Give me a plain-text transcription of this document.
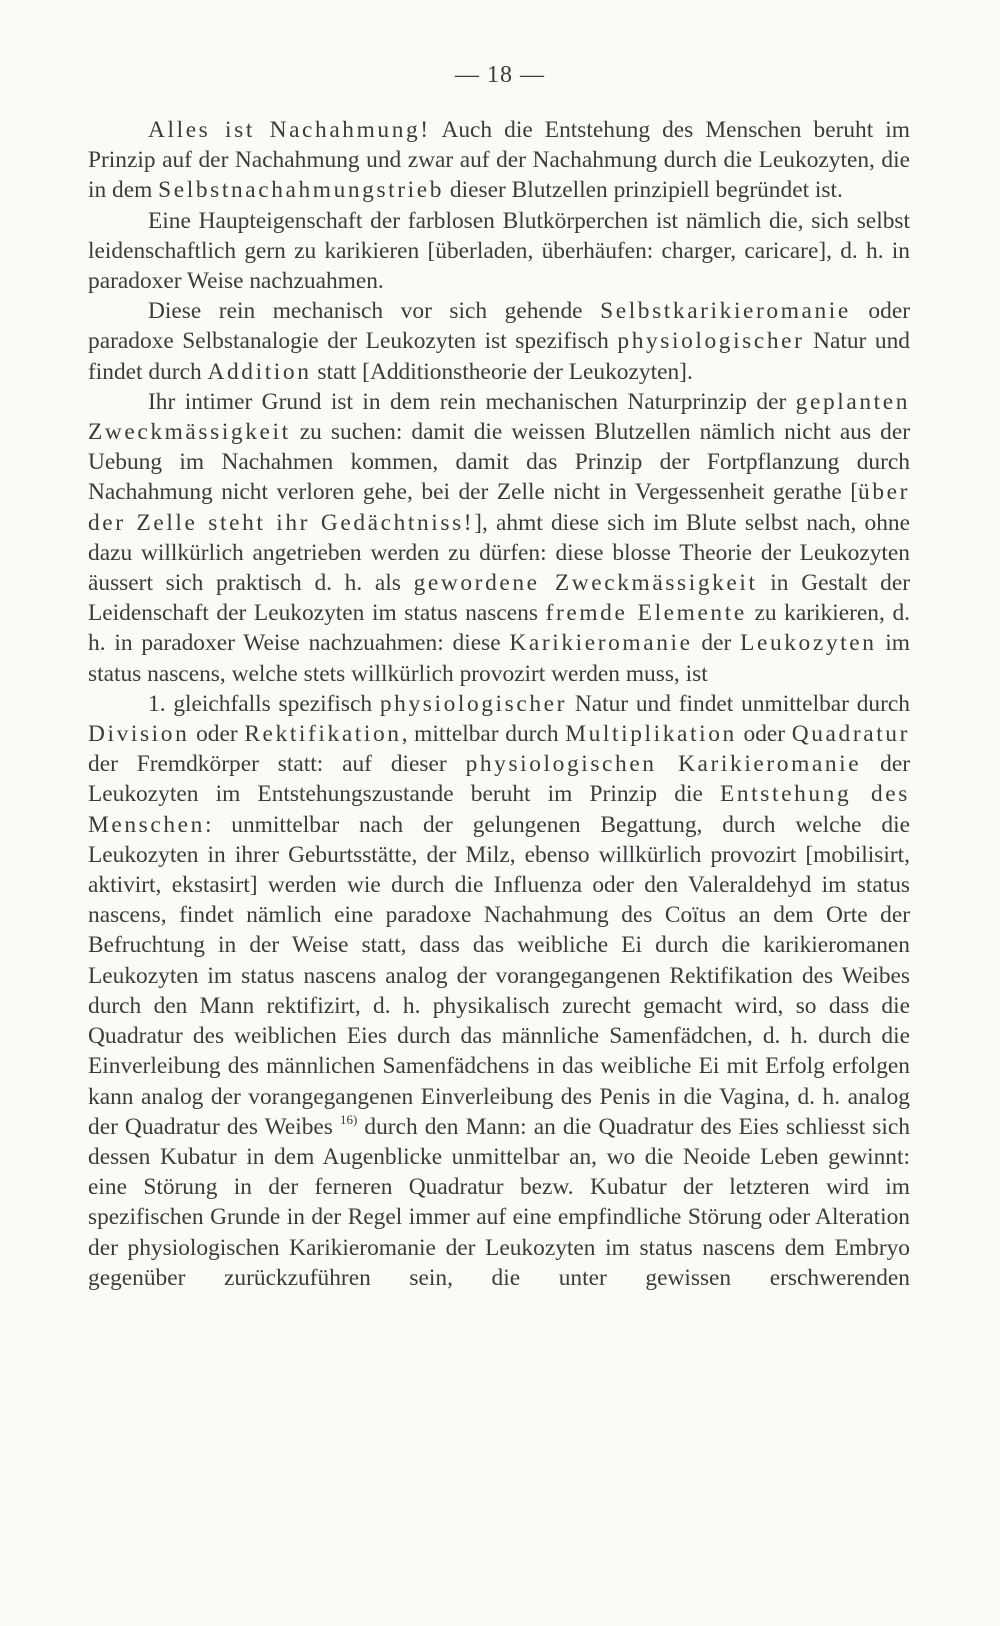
— 18 —

Alles ist Nachahmung! Auch die Entstehung des Menschen beruht im Prinzip auf der Nachahmung und zwar auf der Nachahmung durch die Leukozyten, die in dem Selbstnachahmungstrieb dieser Blutzellen prinzipiell begründet ist.

Eine Haupteigenschaft der farblosen Blutkörperchen ist nämlich die, sich selbst leidenschaftlich gern zu karikieren [überladen, überhäufen: charger, caricare], d. h. in paradoxer Weise nachzuahmen.

Diese rein mechanisch vor sich gehende Selbstkarikieromanie oder paradoxe Selbstanalogie der Leukozyten ist spezifisch physiologischer Natur und findet durch Addition statt [Additionstheorie der Leukozyten].

Ihr intimer Grund ist in dem rein mechanischen Naturprinzip der geplanten Zweckmässigkeit zu suchen: damit die weissen Blutzellen nämlich nicht aus der Uebung im Nachahmen kommen, damit das Prinzip der Fortpflanzung durch Nachahmung nicht verloren gehe, bei der Zelle nicht in Vergessenheit gerathe [über der Zelle steht ihr Gedächtniss!], ahmt diese sich im Blute selbst nach, ohne dazu willkürlich angetrieben werden zu dürfen: diese blosse Theorie der Leukozyten äussert sich praktisch d. h. als gewordene Zweckmässigkeit in Gestalt der Leidenschaft der Leukozyten im status nascens fremde Elemente zu karikieren, d. h. in paradoxer Weise nachzuahmen: diese Karikieromanie der Leukozyten im status nascens, welche stets willkürlich provozirt werden muss, ist

1. gleichfalls spezifisch physiologischer Natur und findet unmittelbar durch Division oder Rektifikation, mittelbar durch Multiplikation oder Quadratur der Fremdkörper statt: auf dieser physiologischen Karikieromanie der Leukozyten im Entstehungszustande beruht im Prinzip die Entstehung des Menschen: unmittelbar nach der gelungenen Begattung, durch welche die Leukozyten in ihrer Geburtsstätte, der Milz, ebenso willkürlich provozirt [mobilisirt, aktivirt, ekstasirt] werden wie durch die Influenza oder den Valeraldehyd im status nascens, findet nämlich eine paradoxe Nachahmung des Coïtus an dem Orte der Befruchtung in der Weise statt, dass das weibliche Ei durch die karikieromanen Leukozyten im status nascens analog der vorangegangenen Rektifikation des Weibes durch den Mann rektifizirt, d. h. physikalisch zurecht gemacht wird, so dass die Quadratur des weiblichen Eies durch das männliche Samenfädchen, d. h. durch die Einverleibung des männlichen Samenfädchens in das weibliche Ei mit Erfolg erfolgen kann analog der vorangegangenen Einverleibung des Penis in die Vagina, d. h. analog der Quadratur des Weibes $^{16)}$ durch den Mann: an die Quadratur des Eies schliesst sich dessen Kubatur in dem Augenblicke unmittelbar an, wo die Neoide Leben gewinnt: eine Störung in der ferneren Quadratur bezw. Kubatur der letzteren wird im spezifischen Grunde in der Regel immer auf eine empfindliche Störung oder Alteration der physiologischen Karikieromanie der Leukozyten im status nascens dem Embryo gegenüber zurückzuführen sein, die unter gewissen erschwerenden
